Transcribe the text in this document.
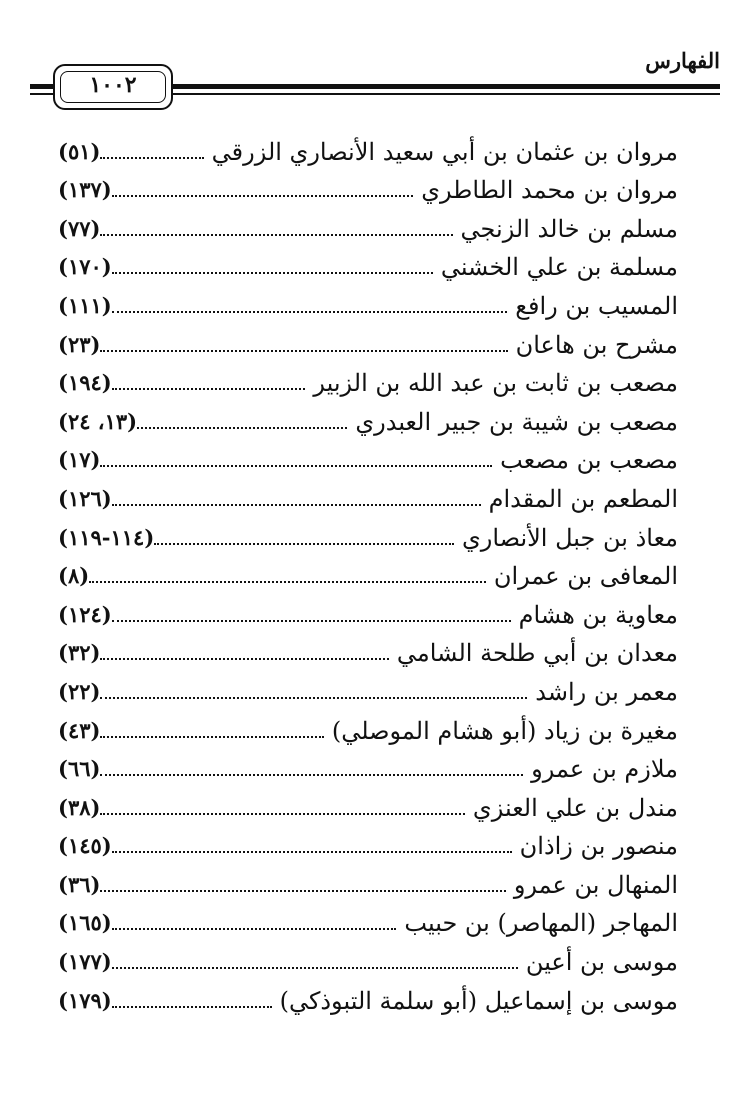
الفهارس
١٠٠٢
مروان بن عثمان بن أبي سعيد الأنصاري الزرقي
(٥١)
مروان بن محمد الطاطري
(١٣٧)
مسلم بن خالد الزنجي
(٧٧)
مسلمة بن علي الخشني
(١٧٠)
المسيب بن رافع
(١١١)
مشرح بن هاعان
(٢٣)
مصعب بن ثابت بن عبد الله بن الزبير
(١٩٤)
مصعب بن شيبة بن جبير العبدري
(١٣، ٢٤)
مصعب بن مصعب
(١٧)
المطعم بن المقدام
(١٢٦)
معاذ بن جبل الأنصاري
(١١٤-١١٩)
المعافى بن عمران
(٨)
معاوية بن هشام
(١٢٤)
معدان بن أبي طلحة الشامي
(٣٢)
معمر بن راشد
(٢٢)
مغيرة بن زياد (أبو هشام الموصلي)
(٤٣)
ملازم بن عمرو
(٦٦)
مندل بن علي العنزي
(٣٨)
منصور بن زاذان
(١٤٥)
المنهال بن عمرو
(٣٦)
المهاجر (المهاصر) بن حبيب
(١٦٥)
موسى بن أعين
(١٧٧)
موسى بن إسماعيل (أبو سلمة التبوذكي)
(١٧٩)
